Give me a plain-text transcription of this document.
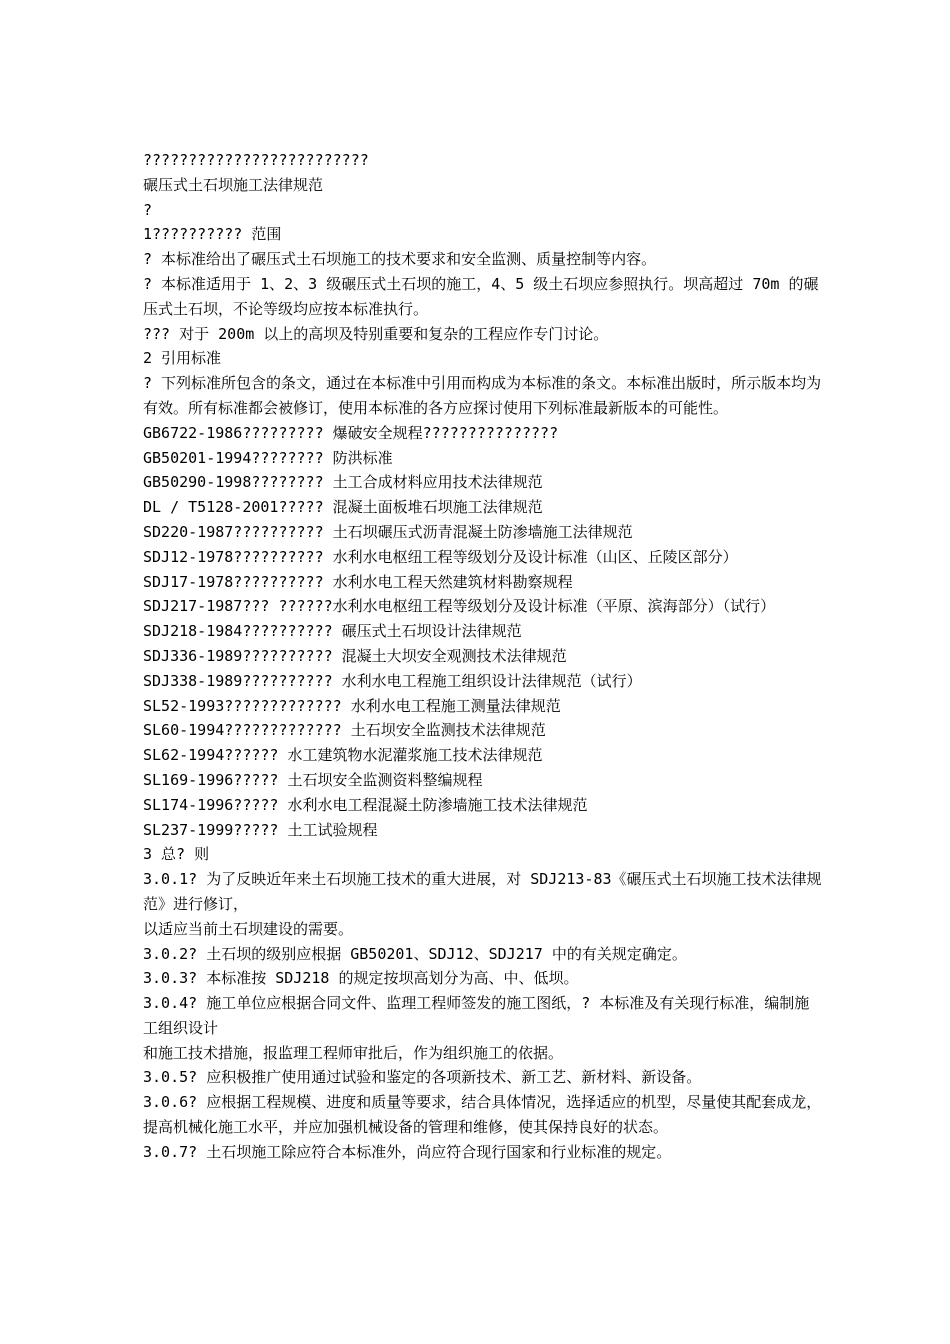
?????????????????????????

碾压式土石坝施工法律规范

?

1?????????? 范围

? 本标准给出了碾压式土石坝施工的技术要求和安全监测、质量控制等内容。

? 本标准适用于 1、2、3 级碾压式土石坝的施工，4、5 级土石坝应参照执行。坝高超过 70m 的碾压式土石坝，不论等级均应按本标准执行。

??? 对于 200m 以上的高坝及特别重要和复杂的工程应作专门讨论。

2 引用标准

? 下列标准所包含的条文，通过在本标准中引用而构成为本标准的条文。本标准出版时，所示版本均为有效。所有标准都会被修订，使用本标准的各方应探讨使用下列标准最新版本的可能性。

GB6722-1986????????? 爆破安全规程???????????????

GB50201-1994???????? 防洪标准

GB50290-1998???????? 土工合成材料应用技术法律规范

DL / T5128-2001????? 混凝土面板堆石坝施工法律规范

SD220-1987?????????? 土石坝碾压式沥青混凝土防渗墙施工法律规范

SDJ12-1978?????????? 水利水电枢纽工程等级划分及设计标准（山区、丘陵区部分）

SDJ17-1978?????????? 水利水电工程天然建筑材料勘察规程

SDJ217-1987??? ??????水利水电枢纽工程等级划分及设计标准（平原、滨海部分）（试行）

SDJ218-1984?????????? 碾压式土石坝设计法律规范

SDJ336-1989?????????? 混凝土大坝安全观测技术法律规范

SDJ338-1989?????????? 水利水电工程施工组织设计法律规范（试行）

SL52-1993????????????? 水利水电工程施工测量法律规范

SL60-1994????????????? 土石坝安全监测技术法律规范

SL62-1994?????? 水工建筑物水泥灌浆施工技术法律规范

SL169-1996????? 土石坝安全监测资料整编规程

SL174-1996????? 水利水电工程混凝土防渗墙施工技术法律规范

SL237-1999????? 土工试验规程

3 总? 则

3.0.1? 为了反映近年来土石坝施工技术的重大进展，对 SDJ213-83《碾压式土石坝施工技术法律规范》进行修订，

以适应当前土石坝建设的需要。

3.0.2? 土石坝的级别应根据 GB50201、SDJ12、SDJ217 中的有关规定确定。

3.0.3? 本标准按 SDJ218 的规定按坝高划分为高、中、低坝。

3.0.4? 施工单位应根据合同文件、监理工程师签发的施工图纸，? 本标准及有关现行标准，编制施工组织设计

和施工技术措施，报监理工程师审批后，作为组织施工的依据。

3.0.5? 应积极推广使用通过试验和鉴定的各项新技术、新工艺、新材料、新设备。

3.0.6? 应根据工程规模、进度和质量等要求，结合具体情况，选择适应的机型，尽量使其配套成龙，提高机械化施工水平，并应加强机械设备的管理和维修，使其保持良好的状态。

3.0.7? 土石坝施工除应符合本标准外，尚应符合现行国家和行业标准的规定。
